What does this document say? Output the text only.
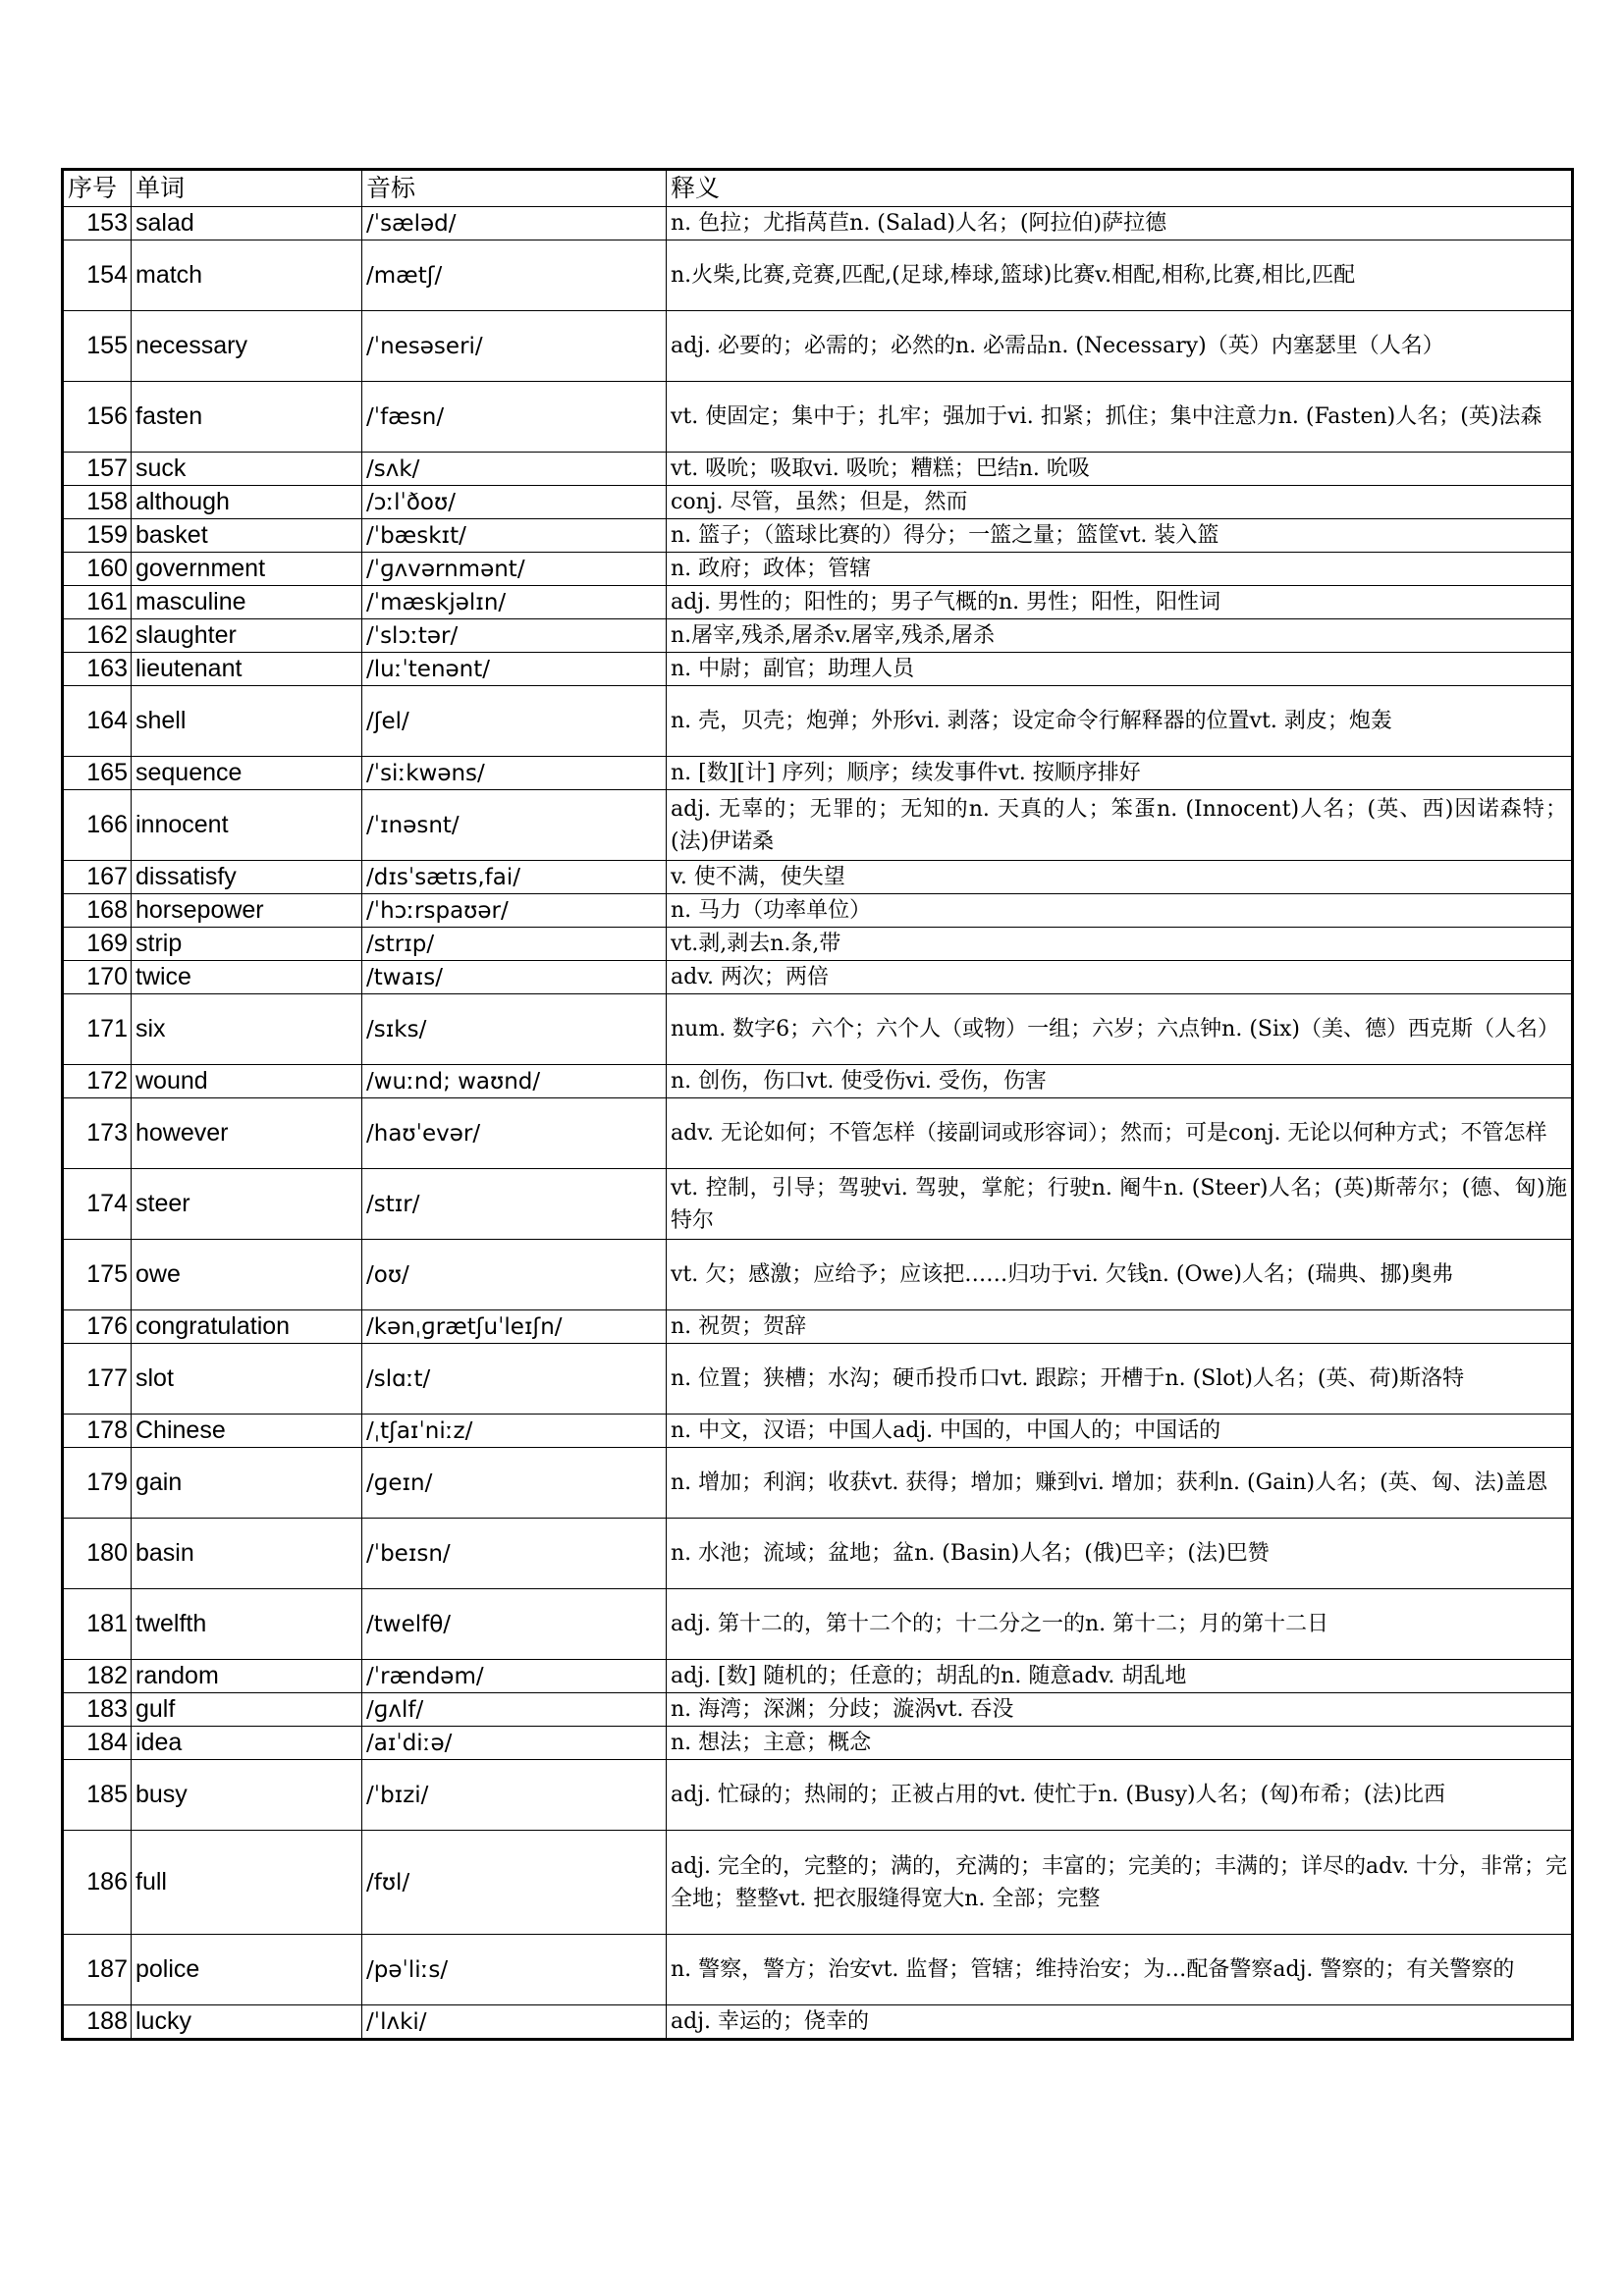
序号	单词	音标	释义
153	salad	/ˈsæləd/	n. 色拉；尤指莴苣n. (Salad)人名；(阿拉伯)萨拉德
154	match	/mætʃ/	n.火柴,比赛,竞赛,匹配,(足球,棒球,篮球)比赛v.相配,相称,比赛,相比,匹配
155	necessary	/ˈnesəseri/	adj. 必要的；必需的；必然的n. 必需品n. (Necessary)（英）内塞瑟里（人名）
156	fasten	/ˈfæsn/	vt. 使固定；集中于；扎牢；强加于vi. 扣紧；抓住；集中注意力n. (Fasten)人名；(英)法森
157	suck	/sʌk/	vt. 吸吮；吸取vi. 吸吮；糟糕；巴结n. 吮吸
158	although	/ɔːlˈðoʊ/	conj. 尽管，虽然；但是，然而
159	basket	/ˈbæskɪt/	n. 篮子；（篮球比赛的）得分；一篮之量；篮筐vt. 装入篮
160	government	/ˈɡʌvərnmənt/	n. 政府；政体；管辖
161	masculine	/ˈmæskjəlɪn/	adj. 男性的；阳性的；男子气概的n. 男性；阳性，阳性词
162	slaughter	/ˈslɔːtər/	n.屠宰,残杀,屠杀v.屠宰,残杀,屠杀
163	lieutenant	/luːˈtenənt/	n. 中尉；副官；助理人员
164	shell	/ʃel/	n. 壳，贝壳；炮弹；外形vi. 剥落；设定命令行解释器的位置vt. 剥皮；炮轰
165	sequence	/ˈsiːkwəns/	n. [数][计] 序列；顺序；续发事件vt. 按顺序排好
166	innocent	/ˈɪnəsnt/	adj. 无辜的；无罪的；无知的n. 天真的人；笨蛋n. (Innocent)人名；(英、西)因诺森特；(法)伊诺桑
167	dissatisfy	/dɪsˈsætɪs,fai/	v. 使不满，使失望
168	horsepower	/ˈhɔːrspaʊər/	n. 马力（功率单位）
169	strip	/strɪp/	vt.剥,剥去n.条,带
170	twice	/twaɪs/	adv. 两次；两倍
171	six	/sɪks/	num. 数字6；六个；六个人（或物）一组；六岁；六点钟n. (Six)（美、德）西克斯（人名）
172	wound	/wuːnd; waʊnd/	n. 创伤，伤口vt. 使受伤vi. 受伤，伤害
173	however	/haʊˈevər/	adv. 无论如何；不管怎样（接副词或形容词）；然而；可是conj. 无论以何种方式；不管怎样
174	steer	/stɪr/	vt. 控制，引导；驾驶vi. 驾驶，掌舵；行驶n. 阉牛n. (Steer)人名；(英)斯蒂尔；(德、匈)施特尔
175	owe	/oʊ/	vt. 欠；感激；应给予；应该把……归功于vi. 欠钱n. (Owe)人名；(瑞典、挪)奥弗
176	congratulation	/kənˌɡrætʃuˈleɪʃn/	n. 祝贺；贺辞
177	slot	/slɑːt/	n. 位置；狭槽；水沟；硬币投币口vt. 跟踪；开槽于n. (Slot)人名；(英、荷)斯洛特
178	Chinese	/ˌtʃaɪˈniːz/	n. 中文，汉语；中国人adj. 中国的，中国人的；中国话的
179	gain	/ɡeɪn/	n. 增加；利润；收获vt. 获得；增加；赚到vi. 增加；获利n. (Gain)人名；(英、匈、法)盖恩
180	basin	/ˈbeɪsn/	n. 水池；流域；盆地；盆n. (Basin)人名；(俄)巴辛；(法)巴赞
181	twelfth	/twelfθ/	adj. 第十二的，第十二个的；十二分之一的n. 第十二；月的第十二日
182	random	/ˈrændəm/	adj. [数] 随机的；任意的；胡乱的n. 随意adv. 胡乱地
183	gulf	/ɡʌlf/	n. 海湾；深渊；分歧；漩涡vt. 吞没
184	idea	/aɪˈdiːə/	n. 想法；主意；概念
185	busy	/ˈbɪzi/	adj. 忙碌的；热闹的；正被占用的vt. 使忙于n. (Busy)人名；(匈)布希；(法)比西
186	full	/fʊl/	adj. 完全的，完整的；满的，充满的；丰富的；完美的；丰满的；详尽的adv. 十分，非常；完全地；整整vt. 把衣服缝得宽大n. 全部；完整
187	police	/pəˈliːs/	n. 警察，警方；治安vt. 监督；管辖；维持治安；为…配备警察adj. 警察的；有关警察的
188	lucky	/ˈlʌki/	adj. 幸运的；侥幸的
